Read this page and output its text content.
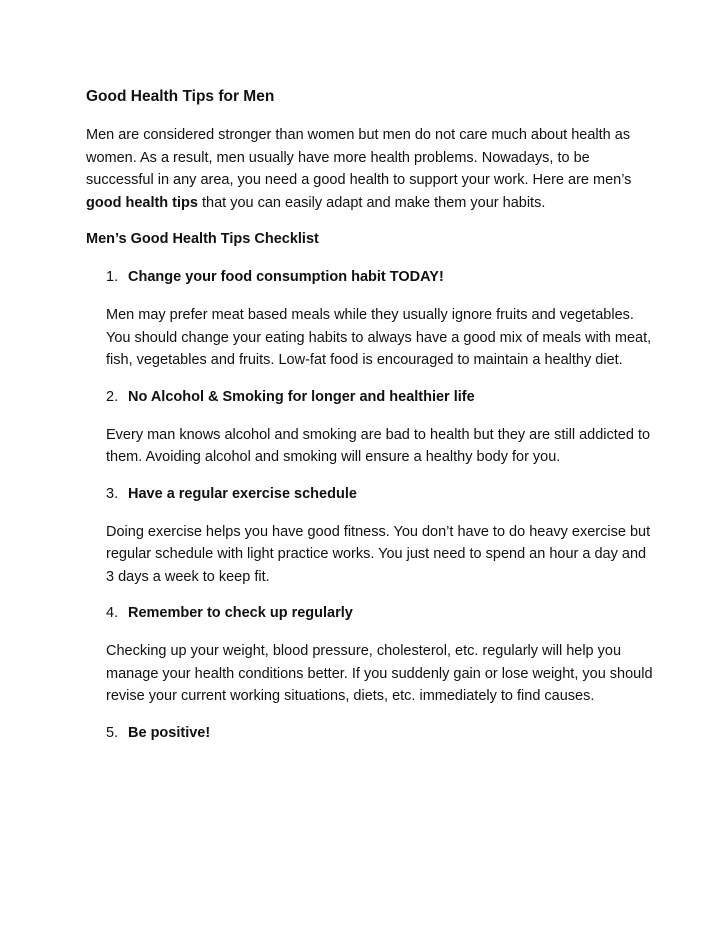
Good Health Tips for Men

Men are considered stronger than women but men do not care much about health as women. As a result, men usually have more health problems. Nowadays, to be successful in any area, you need a good health to support your work. Here are men’s good health tips that you can easily adapt and make them your habits.

Men’s Good Health Tips Checklist
1. Change your food consumption habit TODAY!

Men may prefer meat based meals while they usually ignore fruits and vegetables. You should change your eating habits to always have a good mix of meals with meat, fish, vegetables and fruits. Low-fat food is encouraged to maintain a healthy diet.

2. No Alcohol & Smoking for longer and healthier life

Every man knows alcohol and smoking are bad to health but they are still addicted to them. Avoiding alcohol and smoking will ensure a healthy body for you.

3. Have a regular exercise schedule

Doing exercise helps you have good fitness. You don’t have to do heavy exercise but regular schedule with light practice works. You just need to spend an hour a day and 3 days a week to keep fit.

4. Remember to check up regularly

Checking up your weight, blood pressure, cholesterol, etc. regularly will help you manage your health conditions better. If you suddenly gain or lose weight, you should revise your current working situations, diets, etc. immediately to find causes.

5. Be positive!
